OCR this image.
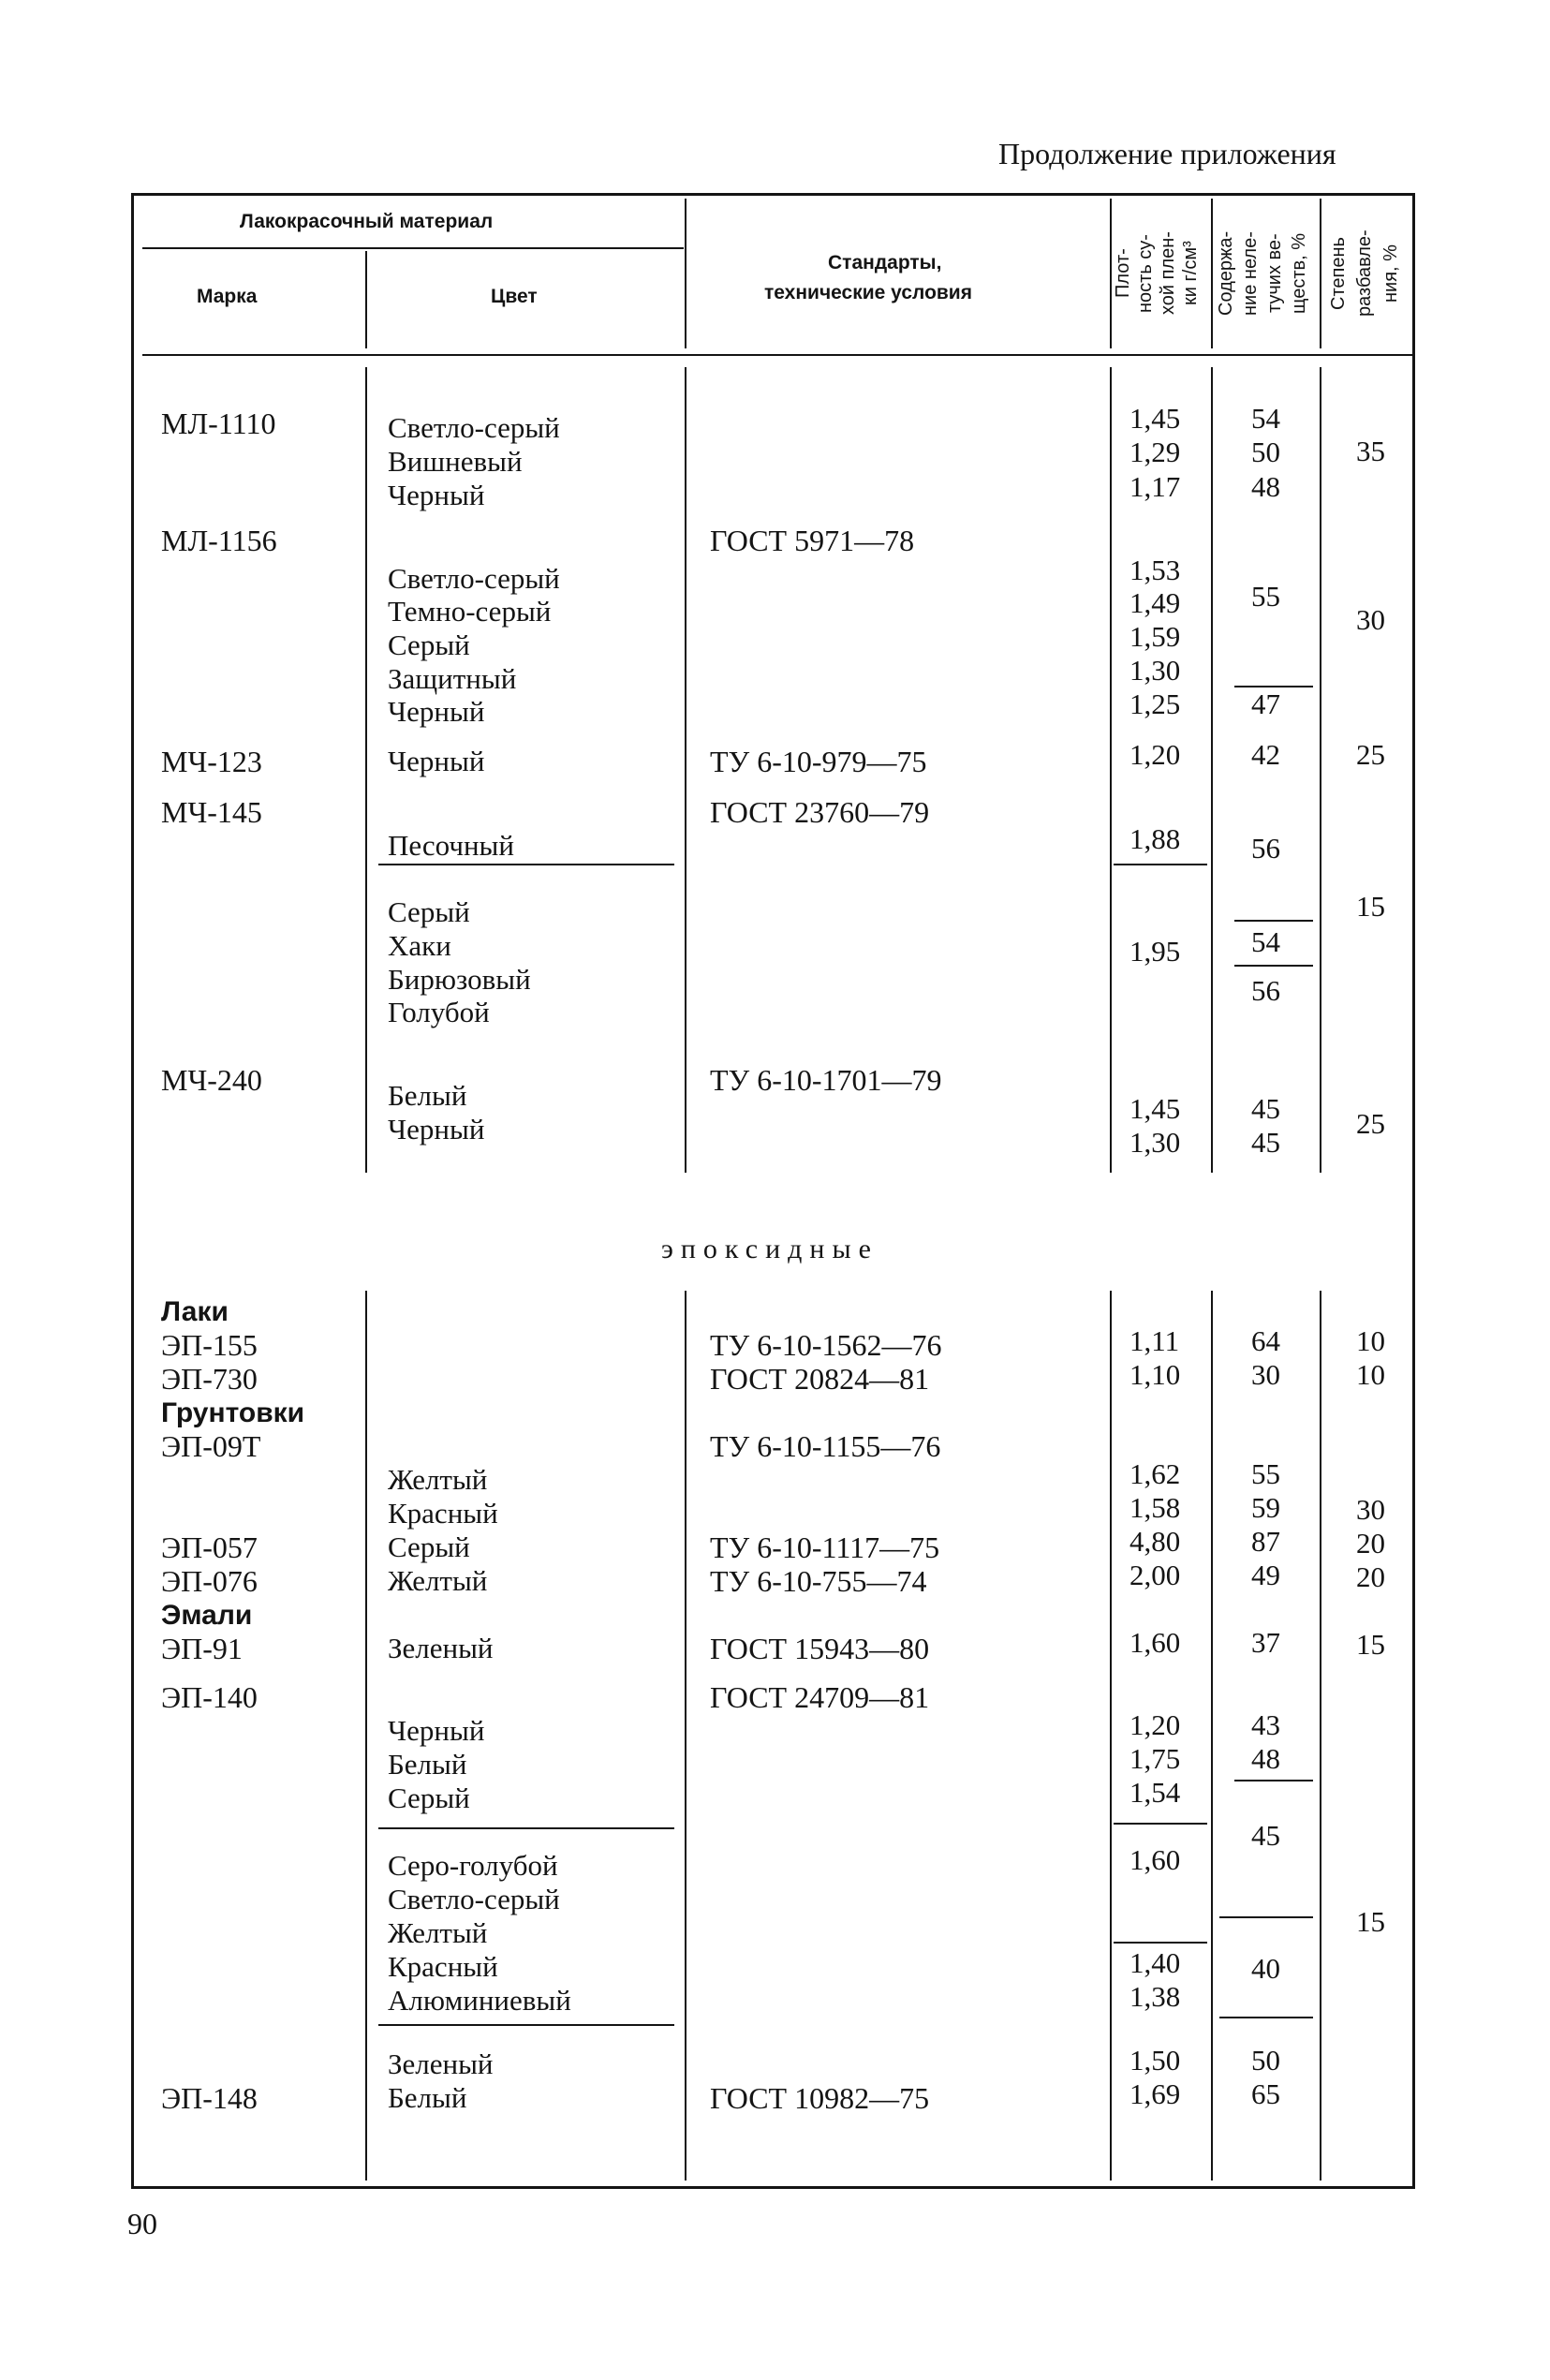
Продолжение приложения
Лакокрасочный материал
Марка	Цвет
Стандарты,
технические условия	Плот- ность су- хой плен- ки г/см³ Содержа- ние неле- тучих ве- ществ, % Степень разбавле- ния, %
МЛ-1110
МЛ-1156
МЧ-123
МЧ-145
МЧ-240
Светло-серый
Вишневый
Черный
Светло-серый
Темно-серый
Серый
Защитный
Черный
Черный
Песочный
Серый
Хаки
Бирюзовый
Голубой
Белый
Черный
ГОСТ 5971—78
ТУ 6-10-979—75
ГОСТ 23760—79
ТУ 6-10-1701—79
1,45
1,29
1,17
1,53
1,49
1,59
1,30
1,25
1,20
1,88
1,95
1,45
1,30
54
50
48
55
47
42
56
54
56
45
45
35
30
25
15
25
эпоксидные
Лаки
ЭП-155
ЭП-730
Грунтовки
ЭП-09Т
ЭП-057
ЭП-076
Эмали
ЭП-91
ЭП-140
ЭП-148
Желтый
Красный
Серый
Желтый
Зеленый
Черный
Белый
Серый
Серо-голубой
Светло-серый
Желтый
Красный
Алюминиевый
Зеленый
Белый
ТУ 6-10-1562—76
ГОСТ 20824—81
ТУ 6-10-1155—76
ТУ 6-10-1117—75
ТУ 6-10-755—74
ГОСТ 15943—80
ГОСТ 24709—81
ГОСТ 10982—75
1,11
1,10
1,62
1,58
4,80
2,00
1,60
1,20
1,75
1,54
1,60
1,40
1,38
1,50
1,69
64
30
55
59
87
49
37
43
48
45
40
50
65
10
10
30
20
20
15
15
90
